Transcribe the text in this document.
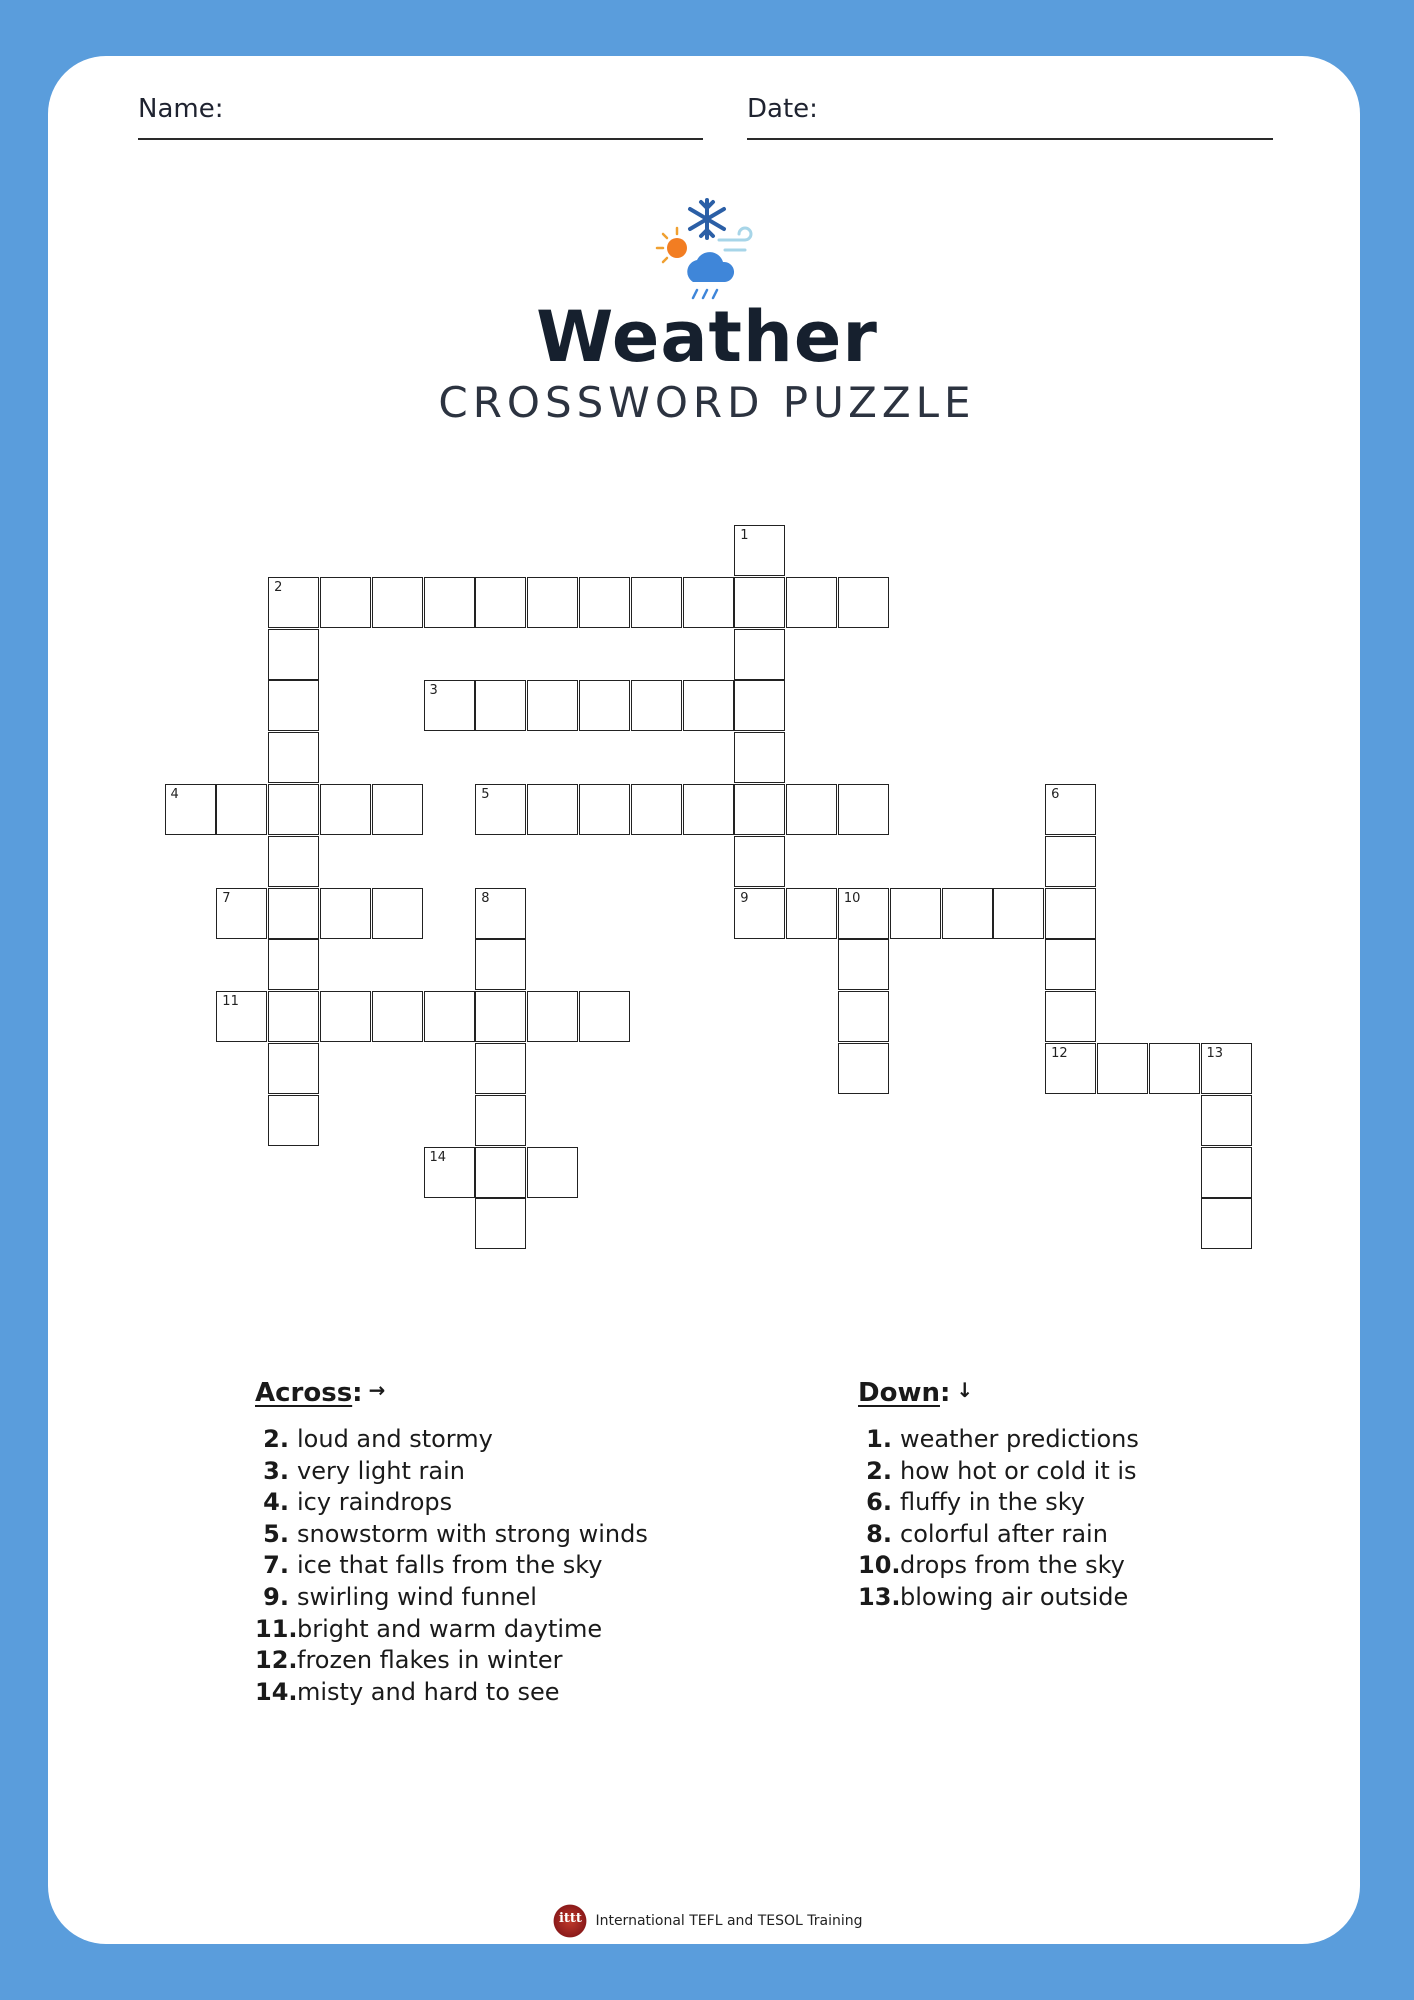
Name:	Date:
Weather
CROSSWORD PUZZLE
1
2
3
4	5	6
12
7	8	9	10
11
13
14
Across: →
2. loud and stormy
3. very light rain
4. icy raindrops
5. snowstorm with strong winds
7. ice that falls from the sky
9. swirling wind funnel
11.bright and warm daytime
12.frozen flakes in winter
14.misty and hard to see
Down: ↓
1. weather predictions
2. how hot or cold it is
6. fluffy in the sky
8. colorful after rain
10.drops from the sky
13.blowing air outside
ittt International TEFL and TESOL Training
